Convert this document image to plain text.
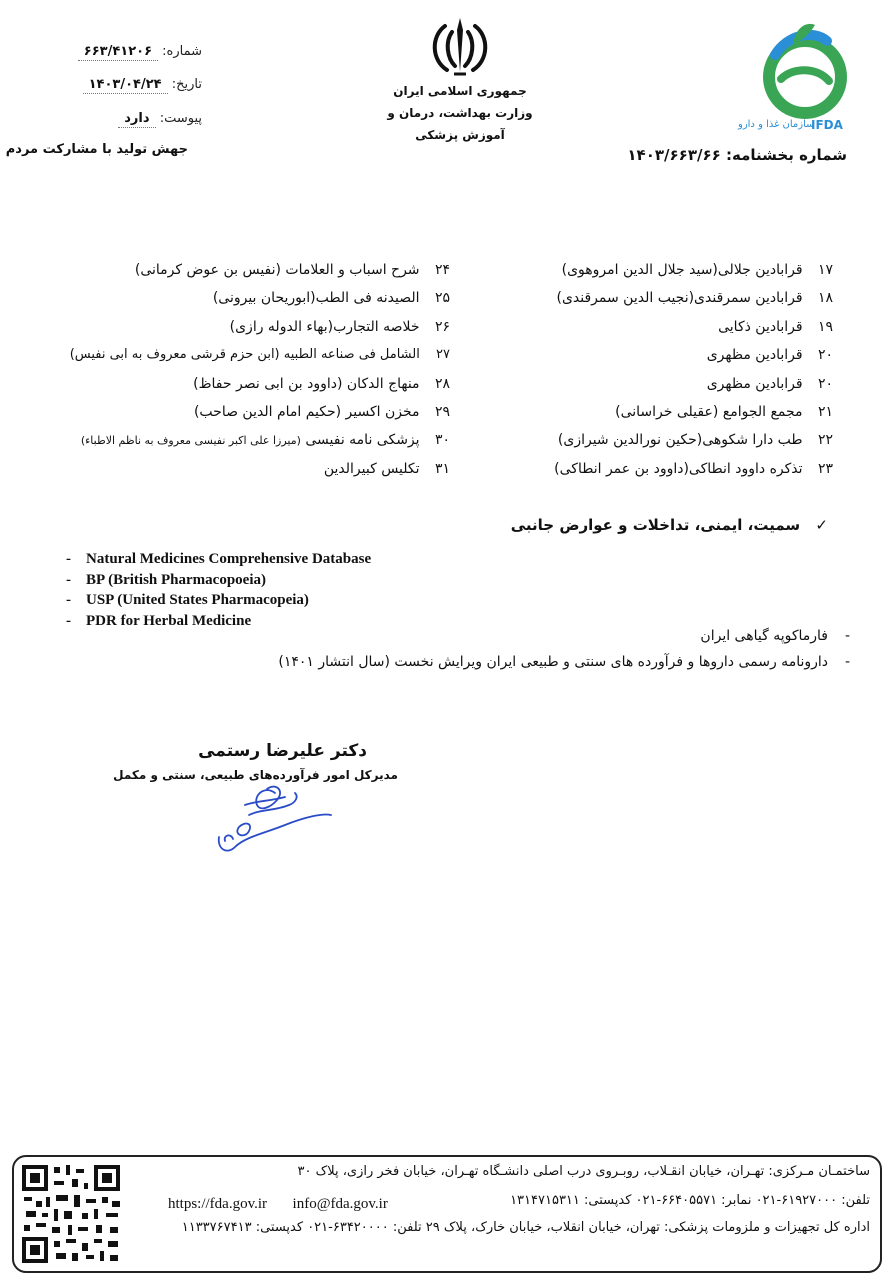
شماره: ۶۶۳/۴۱۲۰۶
تاریخ: ۱۴۰۳/۰۴/۲۴
پیوست: دارد
جهش تولید با مشارکت مردم
جمهوری اسلامی ایران
وزارت بهداشت، درمان و آموزش پزشکی
IFDA
سازمان غذا و دارو
شماره بخشنامه: ۱۴۰۳/۶۶۳/۶۶
۱۷ قرابادین جلالی(سید جلال الدین امروهوی)
۱۸ قرابادین سمرقندی(نجیب الدین سمرقندی)
۱۹ قرابادین ذکایی
۲۰ قرابادین مظهری
۲۰ قرابادین مظهری
۲۱ مجمع الجوامع (عقیلی خراسانی)
۲۲ طب دارا شکوهی(حکین نورالدین شیرازی)
۲۳ تذکره داوود انطاکی(داوود بن عمر انطاکی)
۲۴ شرح اسباب و العلامات (نفیس بن عوض کرمانی)
۲۵ الصیدنه فی الطب(ابوریحان بیرونی)
۲۶ خلاصه التجارب(بهاء الدوله رازی)
۲۷ الشامل فی صناعه الطبیه (ابن حزم قرشی معروف به ابی نفیس)
۲۸ منهاج الدکان (داوود بن ابی نصر حفاظ)
۲۹ مخزن اکسیر (حکیم امام الدین صاحب)
۳۰ پزشکی نامه نفیسی (میرزا علی اکبر نفیسی معروف به ناظم الاطباء)
۳۱ تکلیس کبیرالدین
✓ سمیت، ایمنی، تداخلات و عوارض جانبی
- Natural Medicines Comprehensive Database
- BP (British Pharmacopoeia)
- USP (United States Pharmacopeia)
- PDR for Herbal Medicine
-فارماکوپه گیاهی ایران
-دارونامه رسمی داروها و فرآورده های سنتی و طبیعی ایران ویرایش نخست (سال انتشار ۱۴۰۱)
دکتر علیرضا رستمی
مدیرکل امور فرآورده‌های طبیعی، سنتی و مکمل
ساختمـان مـرکزی: تهـران، خیابان انقـلاب، روبـروی درب اصلی دانشـگاه تهـران، خیابان فخر رازی، پلاک ۳۰
تلفن: ۶۱۹۲۷۰۰۰-۰۲۱ نمابر: ۶۶۴۰۵۵۷۱-۰۲۱ کدپستی: ۱۳۱۴۷۱۵۳۱۱
https://fda.gov.ir info@fda.gov.ir
اداره کل تجهیزات و ملزومات پزشکی: تهران، خیابان انقلاب، خیابان خارک، پلاک ۲۹ تلفن: ۶۳۴۲۰۰۰۰-۰۲۱ کدپستی: ۱۱۳۳۷۶۷۴۱۳
